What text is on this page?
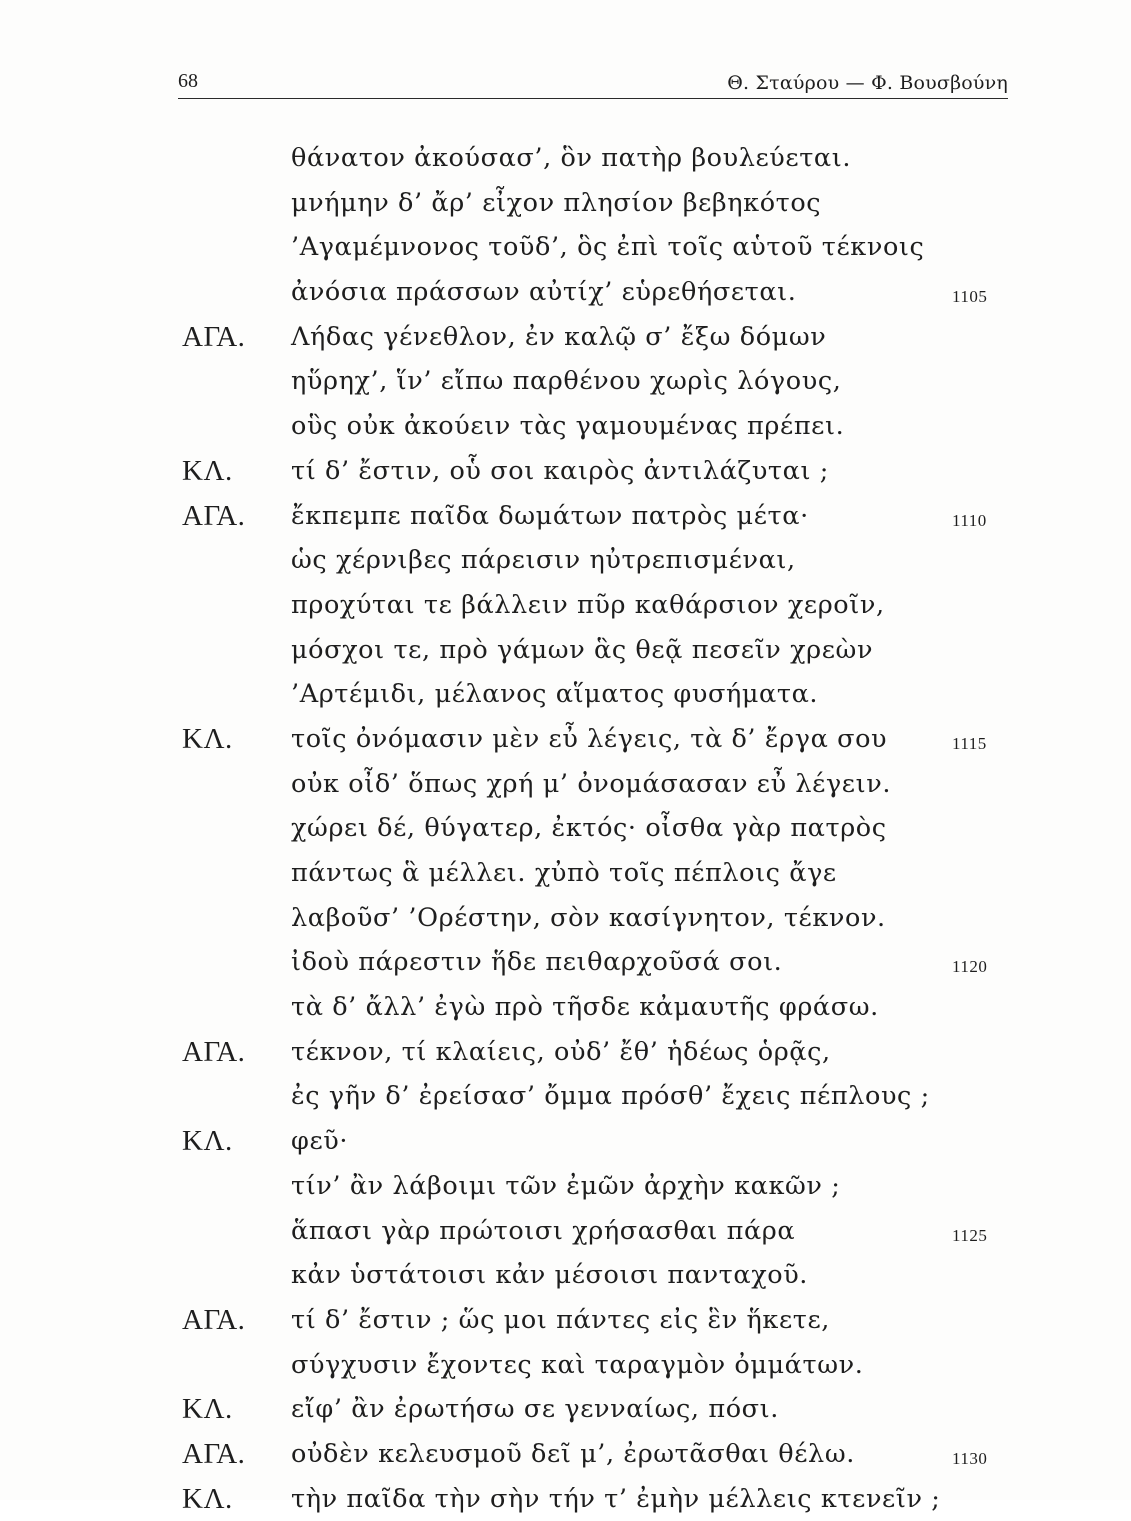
68	Θ. Σταύρου — Φ. Βουσβούνη
θάνατον ἀκούσασ’, ὃν πατὴρ βουλεύεται.
μνήμην δ’ ἄρ’ εἶχον πλησίον βεβηκότος
’Αγαμέμνονος τοῦδ’, ὃς ἐπὶ τοῖς αὑτοῦ τέκνοις
ἀνόσια πράσσων αὐτίχ’ εὑρεθήσεται.	1105
ΑΓΑ. Λήδας γένεθλον, ἐν καλῷ σ’ ἔξω δόμων
ηὕρηχ’, ἵν’ εἴπω παρθένου χωρὶς λόγους,
οὓς οὐκ ἀκούειν τὰς γαμουμένας πρέπει.
ΚΛ. τί δ’ ἔστιν, οὗ σοι καιρὸς ἀντιλάζυται ;
ΑΓΑ. ἔκπεμπε παῖδα δωμάτων πατρὸς μέτα·	1110
ὡς χέρνιβες πάρεισιν ηὐτρεπισμέναι,
προχύται τε βάλλειν πῦρ καθάρσιον χεροῖν,
μόσχοι τε, πρὸ γάμων ἃς θεᾷ πεσεῖν χρεὼν
’Αρτέμιδι, μέλανος αἵματος φυσήματα.
ΚΛ. τοῖς ὀνόμασιν μὲν εὖ λέγεις, τὰ δ’ ἔργα σου	1115
οὐκ οἶδ’ ὅπως χρή μ’ ὀνομάσασαν εὖ λέγειν.
χώρει δέ, θύγατερ, ἐκτός· οἶσθα γὰρ πατρὸς
πάντως ἃ μέλλει. χὐπὸ τοῖς πέπλοις ἄγε
λαβοῦσ’ ’Ορέστην, σὸν κασίγνητον, τέκνον.
ἰδοὺ πάρεστιν ἥδε πειθαρχοῦσά σοι.	1120
τὰ δ’ ἄλλ’ ἐγὼ πρὸ τῆσδε κἀμαυτῆς φράσω.
ΑΓΑ. τέκνον, τί κλαίεις, οὐδ’ ἔθ’ ἡδέως ὁρᾷς,
ἐς γῆν δ’ ἐρείσασ’ ὄμμα πρόσθ’ ἔχεις πέπλους ;
ΚΛ. φεῦ·
τίν’ ἂν λάβοιμι τῶν ἐμῶν ἀρχὴν κακῶν ;
ἅπασι γὰρ πρώτοισι χρήσασθαι πάρα	1125
κἀν ὑστάτοισι κἀν μέσοισι πανταχοῦ.
ΑΓΑ. τί δ’ ἔστιν ; ὥς μοι πάντες εἰς ἓν ἥκετε,
σύγχυσιν ἔχοντες καὶ ταραγμὸν ὀμμάτων.
ΚΛ. εἴφ’ ἂν ἐρωτήσω σε γενναίως, πόσι.
ΑΓΑ. οὐδὲν κελευσμοῦ δεῖ μ’, ἐρωτᾶσθαι θέλω.	1130
ΚΛ. τὴν παῖδα τὴν σὴν τήν τ’ ἐμὴν μέλλεις κτενεῖν ;
